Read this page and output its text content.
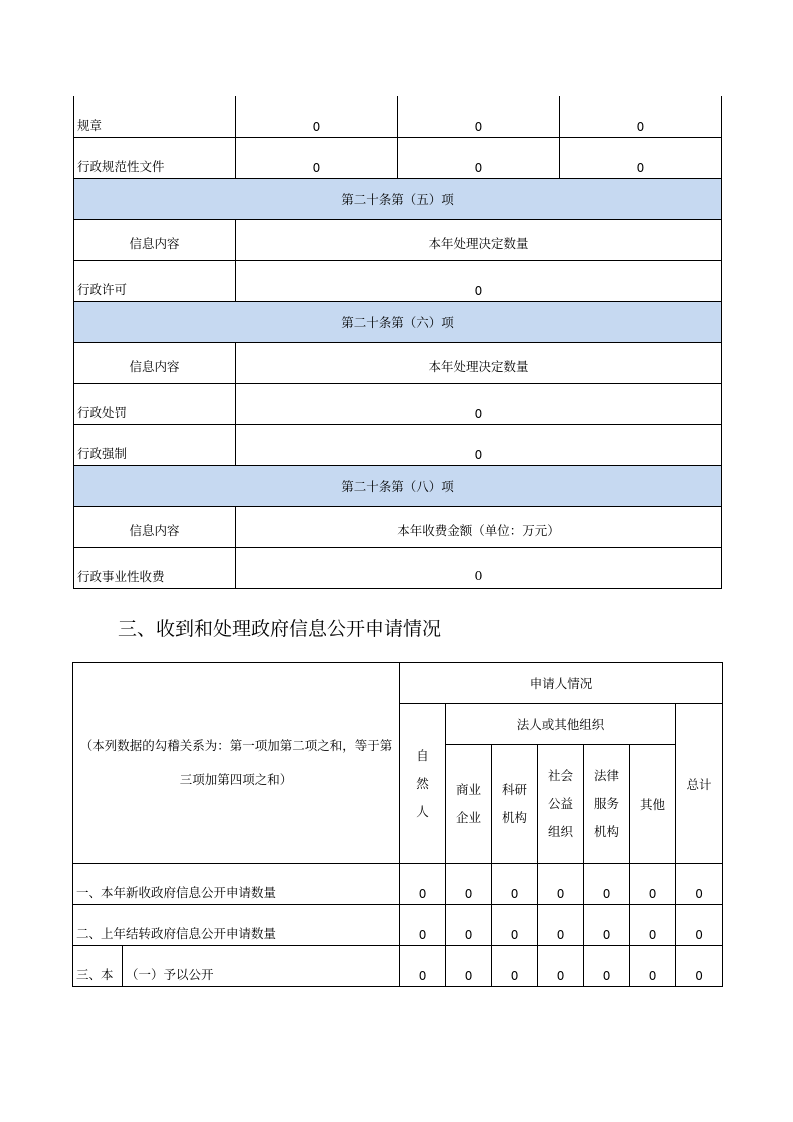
规章	0	0	0
行政规范性文件	0	0	0
第二十条第（五）项			
信息内容	本年处理决定数量		
行政许可	0		
第二十条第（六）项			
信息内容	本年处理决定数量		
行政处罚	0		
行政强制	0		
第二十条第（八）项			
信息内容	本年收费金额（单位：万元）		
行政事业性收费	0		
三、收到和处理政府信息公开申请情况
（本列数据的勾稽关系为：第一项加第二项之和，等于第三项加第四项之和）		申请人情况						
		自然人	法人或其他组织					总计
			商业企业	科研机构	社会公益组织	法律服务机构	其他	
一、本年新收政府信息公开申请数量		0	0	0	0	0	0	0
二、上年结转政府信息公开申请数量		0	0	0	0	0	0	0
三、本	（一）予以公开	0	0	0	0	0	0	0
